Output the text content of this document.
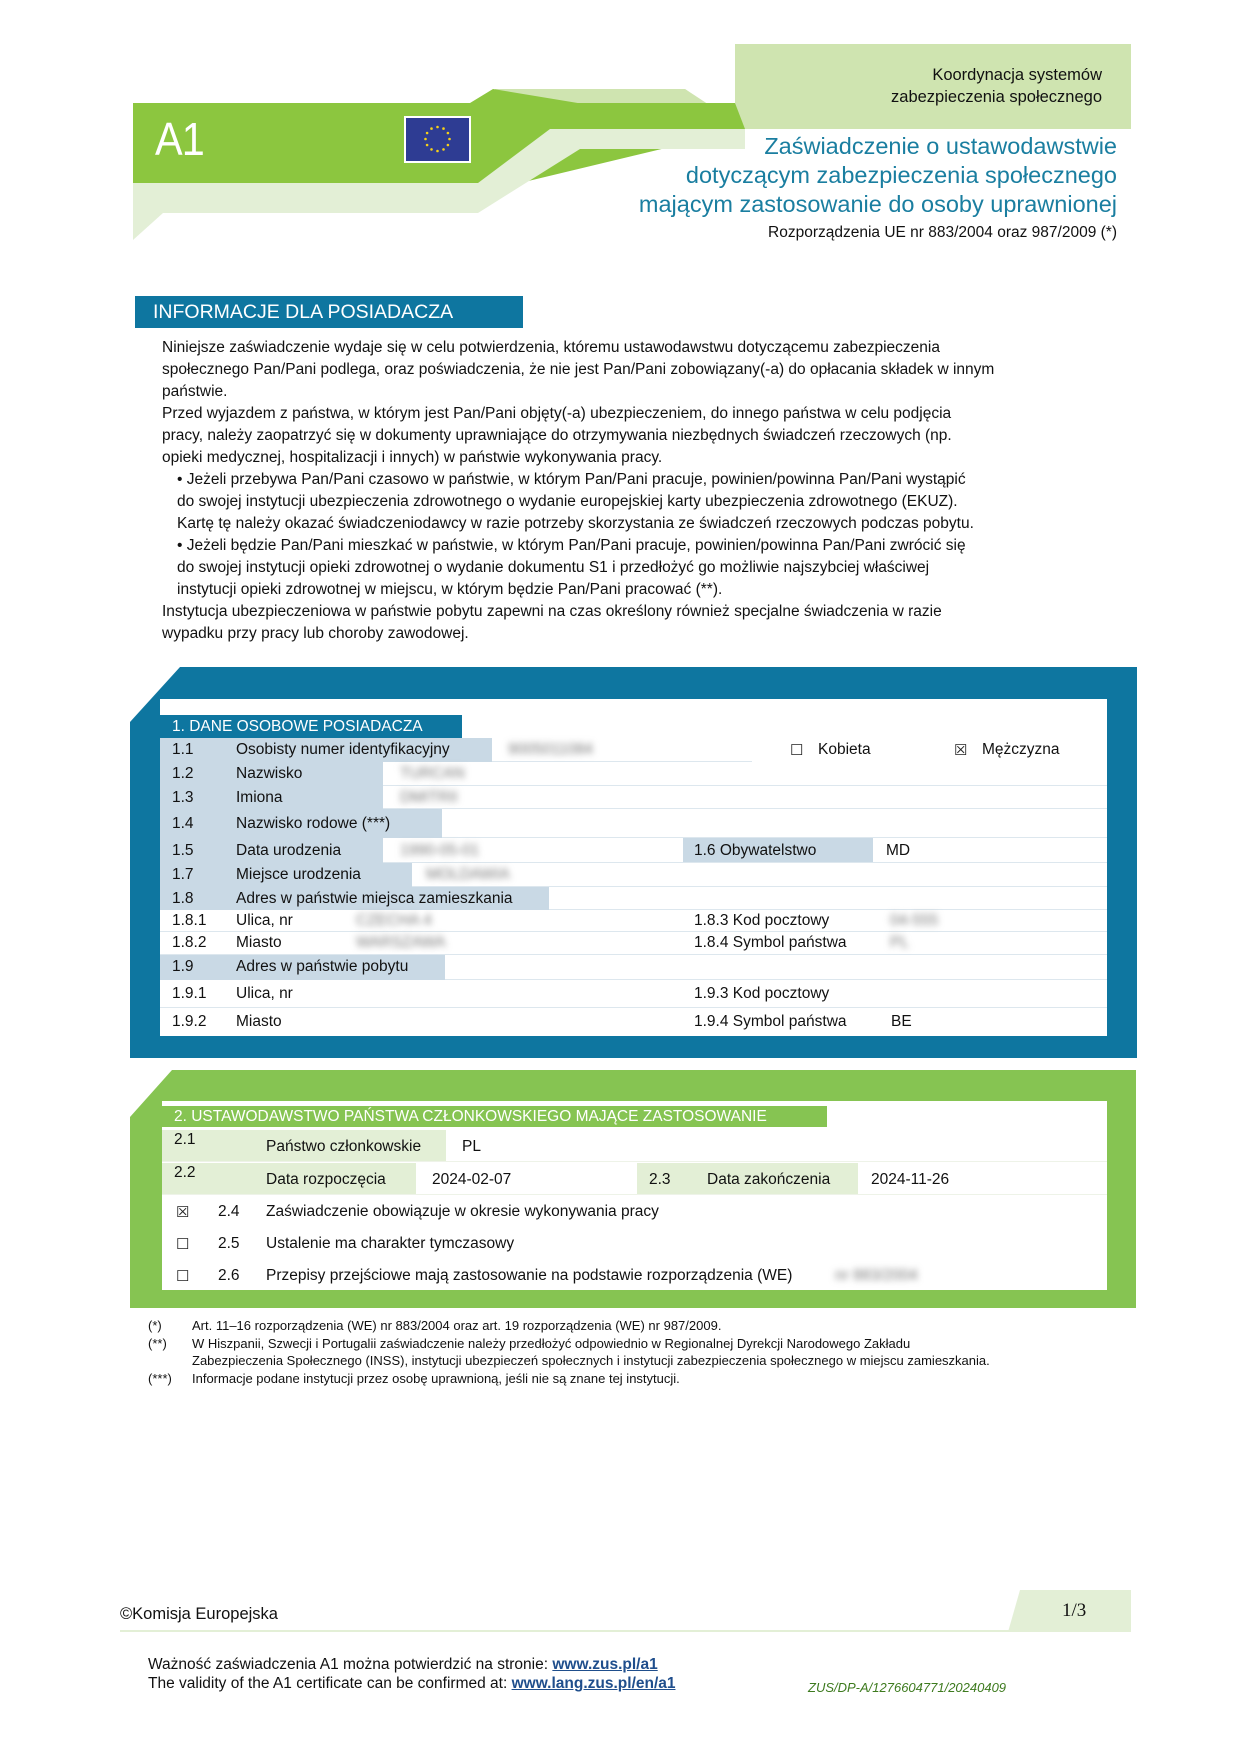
Koordynacja systemów
zabezpieczenia społecznego
A1	Zaświadczenie o ustawodawstwie
dotyczącym zabezpieczenia społecznego
mającym zastosowanie do osoby uprawnionej
Rozporządzenia UE nr 883/2004 oraz 987/2009 (*)
INFORMACJE DLA POSIADACZA

Niniejsze zaświadczenie wydaje się w celu potwierdzenia, któremu ustawodawstwu dotyczącemu zabezpieczenia

społecznego Pan/Pani podlega, oraz poświadczenia, że nie jest Pan/Pani zobowiązany(-a) do opłacania składek w innym

państwie.

Przed wyjazdem z państwa, w którym jest Pan/Pani objęty(-a) ubezpieczeniem, do innego państwa w celu podjęcia

pracy, należy zaopatrzyć się w dokumenty uprawniające do otrzymywania niezbędnych świadczeń rzeczowych (np.

opieki medycznej, hospitalizacji i innych) w państwie wykonywania pracy.

• Jeżeli przebywa Pan/Pani czasowo w państwie, w którym Pan/Pani pracuje, powinien/powinna Pan/Pani wystąpić

do swojej instytucji ubezpieczenia zdrowotnego o wydanie europejskiej karty ubezpieczenia zdrowotnego (EKUZ).

Kartę tę należy okazać świadczeniodawcy w razie potrzeby skorzystania ze świadczeń rzeczowych podczas pobytu.

• Jeżeli będzie Pan/Pani mieszkać w państwie, w którym Pan/Pani pracuje, powinien/powinna Pan/Pani zwrócić się

do swojej instytucji opieki zdrowotnej o wydanie dokumentu S1 i przedłożyć go możliwie najszybciej właściwej

instytucji opieki zdrowotnej w miejscu, w którym będzie Pan/Pani pracować (**).

Instytucja ubezpieczeniowa w państwie pobytu zapewni na czas określony również specjalne świadczenia w razie

wypadku przy pracy lub choroby zawodowej.

1. DANE OSOBOWE POSIADACZA
1.1	Osobisty numer identyfikacyjny	9005011084	☐ Kobieta	☒ Mężczyzna
1.2	Nazwisko	TURCAN
1.3	Imiona	DMITRII
1.4	Nazwisko rodowe (***)
1.5	Data urodzenia	1990-05-01	1.6 Obywatelstwo	MD
1.7	Miejsce urodzenia	MOLDAWIA
1.8	Adres w państwie miejsca zamieszkania
1.8.1 Ulica, nr	CZECHA 4	1.8.3 Kod pocztowy	04-555
1.8.2 Miasto	WARSZAWA	1.8.4 Symbol państwa	PL
1.9	Adres w państwie pobytu
1.9.1 Ulica, nr	1.9.3 Kod pocztowy
1.9.2 Miasto	1.9.4 Symbol państwa	BE
2. USTAWODAWSTWO PAŃSTWA CZŁONKOWSKIEGO MAJĄCE ZASTOSOWANIE
2.1	Państwo członkowskie	PL
2.2	Data rozpoczęcia	2024-02-07	2.3 Data zakończenia	2024-11-26
☒ 2.4 Zaświadczenie obowiązuje w okresie wykonywania pracy
☐ 2.5 Ustalenie ma charakter tymczasowy
☐ 2.6 Przepisy przejściowe mają zastosowanie na podstawie rozporządzenia (WE)	nr 883/2004
(*)	Art. 11–16 rozporządzenia (WE) nr 883/2004 oraz art. 19 rozporządzenia (WE) nr 987/2009.
(**)	W Hiszpanii, Szwecji i Portugalii zaświadczenie należy przedłożyć odpowiednio w Regionalnej Dyrekcji Narodowego Zakładu
Zabezpieczenia Społecznego (INSS), instytucji ubezpieczeń społecznych i instytucji zabezpieczenia społecznego w miejscu zamieszkania.
(***)	Informacje podane instytucji przez osobę uprawnioną, jeśli nie są znane tej instytucji.
©Komisja Europejska	1/3
Ważność zaświadczenia A1 można potwierdzić na stronie: www.zus.pl/a1
The validity of the A1 certificate can be confirmed at: www.lang.zus.pl/en/a1	ZUS/DP-A/1276604771/20240409
